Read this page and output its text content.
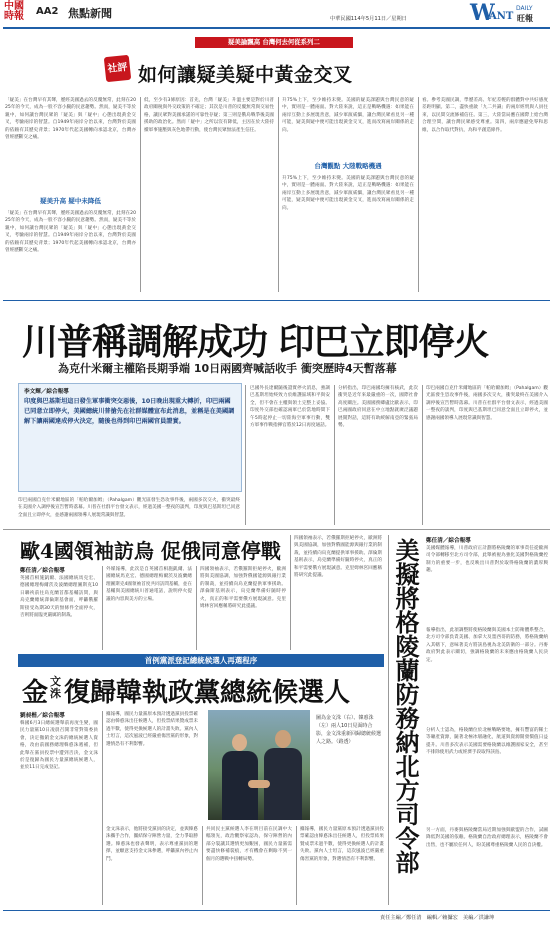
中國
時報	AA2 焦點新聞	中華民國114年5月11日／星期日	W
ANT
DAILY
旺報
疑美論飄高 台灣何去何從系列二
社評 如何讓疑美疑中黃金交叉
「疑美」在台灣早有其聲，歷經美國過去的反覆無常，此刻在2025年的今天，成為一股不容小覷的民意趨勢。然而，疑美不等於親中，如何讓台灣民眾的「疑美」與「疑中」心態出現黃金交叉，考驗兩岸的智慧。自1949年兩岸分治以來，台灣對於美國的依賴有其歷史背景；1970年代起美國轉向承認北京，台灣亦曾經歷斷交之痛。
疑美升高 疑中未降低
「疑美」在台灣早有其聲，歷經美國過去的反覆無常，此刻在2025年的今天，成為一股不容小覷的民意趨勢。然而，疑美不等於親中，如何讓台灣民眾的「疑美」與「疑中」心態出現黃金交叉，考驗兩岸的智慧。自1949年兩岸分治以來，台灣對於美國的依賴有其歷史背景；1970年代起美國轉向承認北京，台灣亦曾經歷斷交之痛。
低，至少有3條原因：首先，台灣「疑美」升溫主要是對於川普政府關稅與外交政策的不確定；其次是川普的反覆無常與交易性格，讓民眾對美國承諾的可靠性存疑；第三則是俄烏戰爭後美國援助的政治化。然而「疑中」之所以沒有降低，主因在於大陸持續軍事施壓與灰色地帶行動，使台灣民眾無法產生信任。
升75%上下，至少維持未變。美國的疑美課題與台灣民意的疑中，實則是一體兩面。對大陸來說，這正是戰略機遇：如果能在兩岸互動上多展現善意，減少軍演威懾，讓台灣民眾看見另一種可能，疑美與疑中便可能出現黃金交叉，進而改寫兩岸關係的走向。
台灣觀點 大陸戰略機遇
升75%上下，至少維持未變。美國的疑美課題與台灣民意的疑中，實則是一體兩面。對大陸來說，這正是戰略機遇：如果能在兩岸互動上多展現善意，減少軍演威懾，讓台灣民眾看見另一種可能，疑美與疑中便可能出現黃金交叉，進而改寫兩岸關係的走向。
看。參考美國民調，學歷差高、年紀差輕的群體對中共好感度差距明顯。第二，盡快重啟「九二共識」的兩岸經貿與人員往來，以民間交流修補信任。第三，大陸當局應在國際上給台灣合理空間，讓台灣民眾感受尊重。第四，兩岸應避免零和思維，以合作取代對抗，為和平創造條件。
川普稱調解成功 印巴立即停火
為克什米爾主權陷長期爭端 10日兩國齊喊話收手 衝突歷時4天暫落幕
李文輝／綜合報導
印度與巴基斯坦這日發生軍事衝突交惡後，10日晚出現重大轉折，印巴兩國已同意立即停火，美國總統川普搶先在社群媒體宣布此消息，並稱是在美國調解下讓兩國達成停火決定，隨後也得到印巴兩國官員證實。
印巴兩國自克什米爾地區的「帕哈爾加姆」（Pahalgam）觀光區發生恐攻事件後，兩國多次交火，衝突最終在美國介入調停後宣告暫時落幕。川普在社群平台發文表示，經過美國一整夜的談判，印度與巴基斯坦已同意全面且立即停火，並感謝兩國領導人展現常識與智慧。
巴國外長達爾隨後證實停火消息，強調巴基斯坦始終致力於維護區域和平與安全，但不會在主權與領土完整上妥協。印度外交部也確認兩軍已於當地時間下午5時起停止一切陸海空軍事行動，雙方軍事作戰指揮官將於12日再度通話。
分析指出，印巴兩國均擁有核武，此次衝突是近年來最嚴重的一次，國際社會高度關注。美國國務卿盧比歐表示，印巴兩國政府同意在中立地點就廣泛議題展開對話，這將有助緩解南亞的緊張局勢。
印巴兩國自克什米爾地區的「帕哈爾加姆」（Pahalgam）觀光區發生恐攻事件後，兩國多次交火，衝突最終在美國介入調停後宣告暫時落幕。川普在社群平台發文表示，經過美國一整夜的談判，印度與巴基斯坦已同意全面且立即停火，並感謝兩國領導人展現常識與智慧。
歐4國領袖訪烏 促俄同意停戰
鄭任清／綜合報導
英國首相施凱爾、法國總統馬克宏、德國總理梅爾茨及波蘭總理圖斯克10日聯袂前往烏克蘭首都基輔訪問，與烏克蘭總統澤倫斯基會面，呼籲俄羅斯接受為期30天的無條件全面停火，否則將面臨更嚴厲的制裁。
外媒報導，此次是自英國首相施凱爾、法國總統馬克宏、德國總理梅爾茨及波蘭總理圖斯克4國領袖首度共同訪問基輔，並在基輔與美國總統川普通電話，說明停火提議的內容與美方的立場。
四國領袖表示，若俄羅斯拒絕停火，歐洲將與美國協調，加強對俄國能源與銀行業的制裁，並持續向烏克蘭提供軍事援助。澤倫斯基則表示，烏克蘭準備好隨時停火，真正的和平需要俄方展現誠意。克里姆林宮回應稱將研究此提議。
四國領袖表示，若俄羅斯拒絕停火，歐洲將與美國協調，加強對俄國能源與銀行業的制裁，並持續向烏克蘭提供軍事援助。澤倫斯基則表示，烏克蘭準備好隨時停火，真正的和平需要俄方展現誠意。克里姆林宮回應稱將研究此提議。
首例黨派登記總統候選人再選程序
金 文
洙 復歸韓執政黨總統候選人
劉昶楷／綜合報導
韓國6月3日總統選舉前再度生變，國民力量黨10日凌晨召開非常對策委員會，決定撤銷金文洙的總統候選人資格，改由前國務總理韓悳洙遞補，但此舉在黨員投票中遭到否決，金文洙於是復歸為國民力量黨總統候選人，並於11日完成登記。
據報導，國民力量黨原本預計透過黨員投票確認由韓悳洙出任候選人，但投票結果贊成票未過半數，使得更換候選人的計畫失敗。黨內人士坦言，這次風波已經嚴重傷害黨的形象，對選情恐有不利影響。
圖為金文洙（右）、韓悳洙（左）兩人10日見面時合影，金文洙重新回歸總統候選人之路。（路透）
金文洙表示，他將接受黨員的決定，並與韓悳洙攜手合作，團結保守陣營力量，全力爭取勝選。韓悳洙也發表聲明，表示尊重黨員的選擇，並願意支持金文洙參選，呼籲黨內停止內鬥。
共同民主黨候選人李在明目前在民調中大幅領先，政治觀察家認為，保守陣營的內部分裂讓其選情更加艱困，國民力量黨需要盡快修補裂痕，才有機會在剩餘不到一個月的選戰中扭轉局勢。
據報導，國民力量黨原本預計透過黨員投票確認由韓悳洙出任候選人，但投票結果贊成票未過半數，使得更換候選人的計畫失敗。黨內人士坦言，這次風波已經嚴重傷害黨的形象，對選情恐有不利影響。 美擬將格陵蘭防務納北方司令部 鄭任清／綜合報導
美國媒體報導，川普政府正計劃將格陵蘭的軍事責任從歐洲司令部轉移至北方司令部，此舉被視為強化美國對格陵蘭控制力的重要一步，也反映出川普對於取得格陵蘭的濃厚興趣。
報導指出，此項調整將使格陵蘭與美國本土防衛體系整合，北方司令部負責美國、加拿大及墨西哥的防務，將格陵蘭納入其轄下，意味著美方將該島視為北美防衛的一部分。丹麥政府對此表示關切，強調格陵蘭的未來應由格陵蘭人民決定。
分析人士認為，格陵蘭位於北極戰略要地，擁有豐富的稀土等礦產資源，隨著北極冰層融化，航道與資源開發價值日益提升。川普多次表示美國需要格陵蘭以維護國家安全，甚至不排除使用武力或經濟手段取得該島。
另一方面，丹麥與格陵蘭當局近期加強與歐盟的合作，試圖降低對美國的依賴。格陵蘭自治政府總理表示，格陵蘭不會出售，也不屬於任何人，盼美國尊重格陵蘭人民的自決權。
責任主編／鄭任清　編輯／賴攝宏　美編／洪謙坤
